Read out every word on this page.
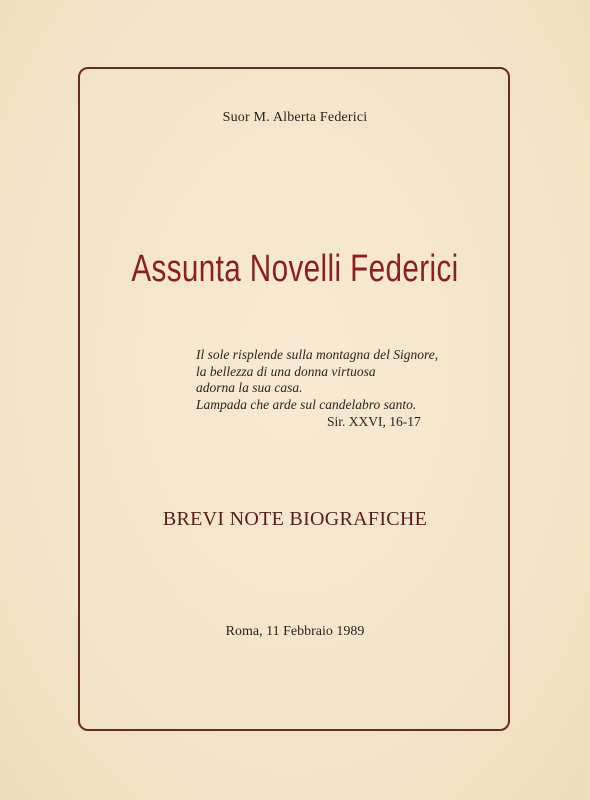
Suor M. Alberta Federici
Assunta Novelli Federici
Il sole risplende sulla montagna del Signore,
la bellezza di una donna virtuosa
adorna la sua casa.
Lampada che arde sul candelabro santo.
Sir. XXVI, 16-17
BREVI NOTE BIOGRAFICHE
Roma, 11 Febbraio 1989
